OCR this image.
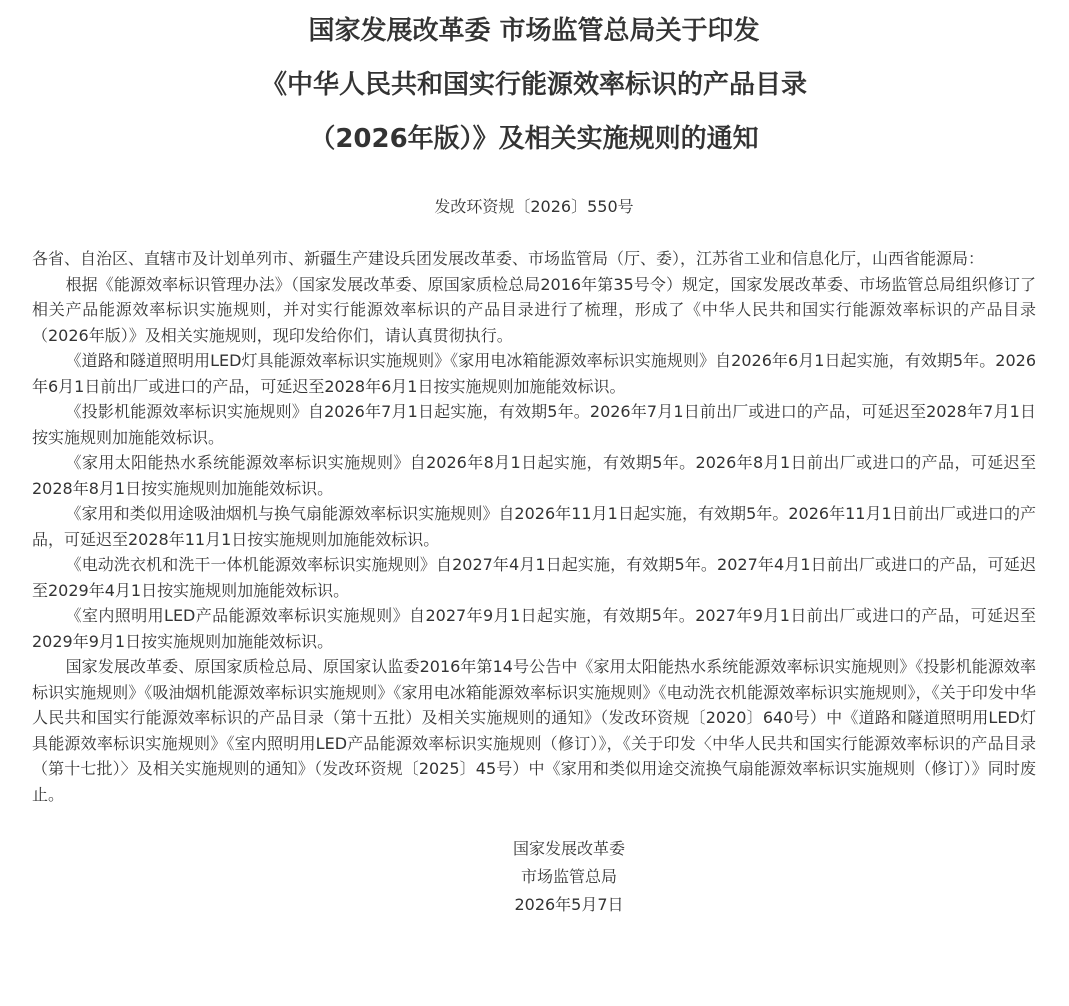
国家发展改革委 市场监管总局关于印发
《中华人民共和国实行能源效率标识的产品目录
（2026年版）》及相关实施规则的通知

发改环资规〔2026〕550号

各省、自治区、直辖市及计划单列市、新疆生产建设兵团发展改革委、市场监管局（厅、委），江苏省工业和信息化厅，山西省能源局：

根据《能源效率标识管理办法》（国家发展改革委、原国家质检总局2016年第35号令）规定，国家发展改革委、市场监管总局组织修订了相关产品能源效率标识实施规则，并对实行能源效率标识的产品目录进行了梳理，形成了《中华人民共和国实行能源效率标识的产品目录（2026年版）》及相关实施规则，现印发给你们，请认真贯彻执行。

《道路和隧道照明用LED灯具能源效率标识实施规则》《家用电冰箱能源效率标识实施规则》自2026年6月1日起实施，有效期5年。2026年6月1日前出厂或进口的产品，可延迟至2028年6月1日按实施规则加施能效标识。

《投影机能源效率标识实施规则》自2026年7月1日起实施，有效期5年。2026年7月1日前出厂或进口的产品，可延迟至2028年7月1日按实施规则加施能效标识。

《家用太阳能热水系统能源效率标识实施规则》自2026年8月1日起实施，有效期5年。2026年8月1日前出厂或进口的产品，可延迟至2028年8月1日按实施规则加施能效标识。

《家用和类似用途吸油烟机与换气扇能源效率标识实施规则》自2026年11月1日起实施，有效期5年。2026年11月1日前出厂或进口的产品，可延迟至2028年11月1日按实施规则加施能效标识。

《电动洗衣机和洗干一体机能源效率标识实施规则》自2027年4月1日起实施，有效期5年。2027年4月1日前出厂或进口的产品，可延迟至2029年4月1日按实施规则加施能效标识。

《室内照明用LED产品能源效率标识实施规则》自2027年9月1日起实施，有效期5年。2027年9月1日前出厂或进口的产品，可延迟至2029年9月1日按实施规则加施能效标识。

国家发展改革委、原国家质检总局、原国家认监委2016年第14号公告中《家用太阳能热水系统能源效率标识实施规则》《投影机能源效率标识实施规则》《吸油烟机能源效率标识实施规则》《家用电冰箱能源效率标识实施规则》《电动洗衣机能源效率标识实施规则》，《关于印发中华人民共和国实行能源效率标识的产品目录（第十五批）及相关实施规则的通知》（发改环资规〔2020〕640号）中《道路和隧道照明用LED灯具能源效率标识实施规则》《室内照明用LED产品能源效率标识实施规则（修订）》，《关于印发〈中华人民共和国实行能源效率标识的产品目录（第十七批）〉及相关实施规则的通知》（发改环资规〔2025〕45号）中《家用和类似用途交流换气扇能源效率标识实施规则（修订）》同时废止。

国家发展改革委
市场监管总局
2026年5月7日
